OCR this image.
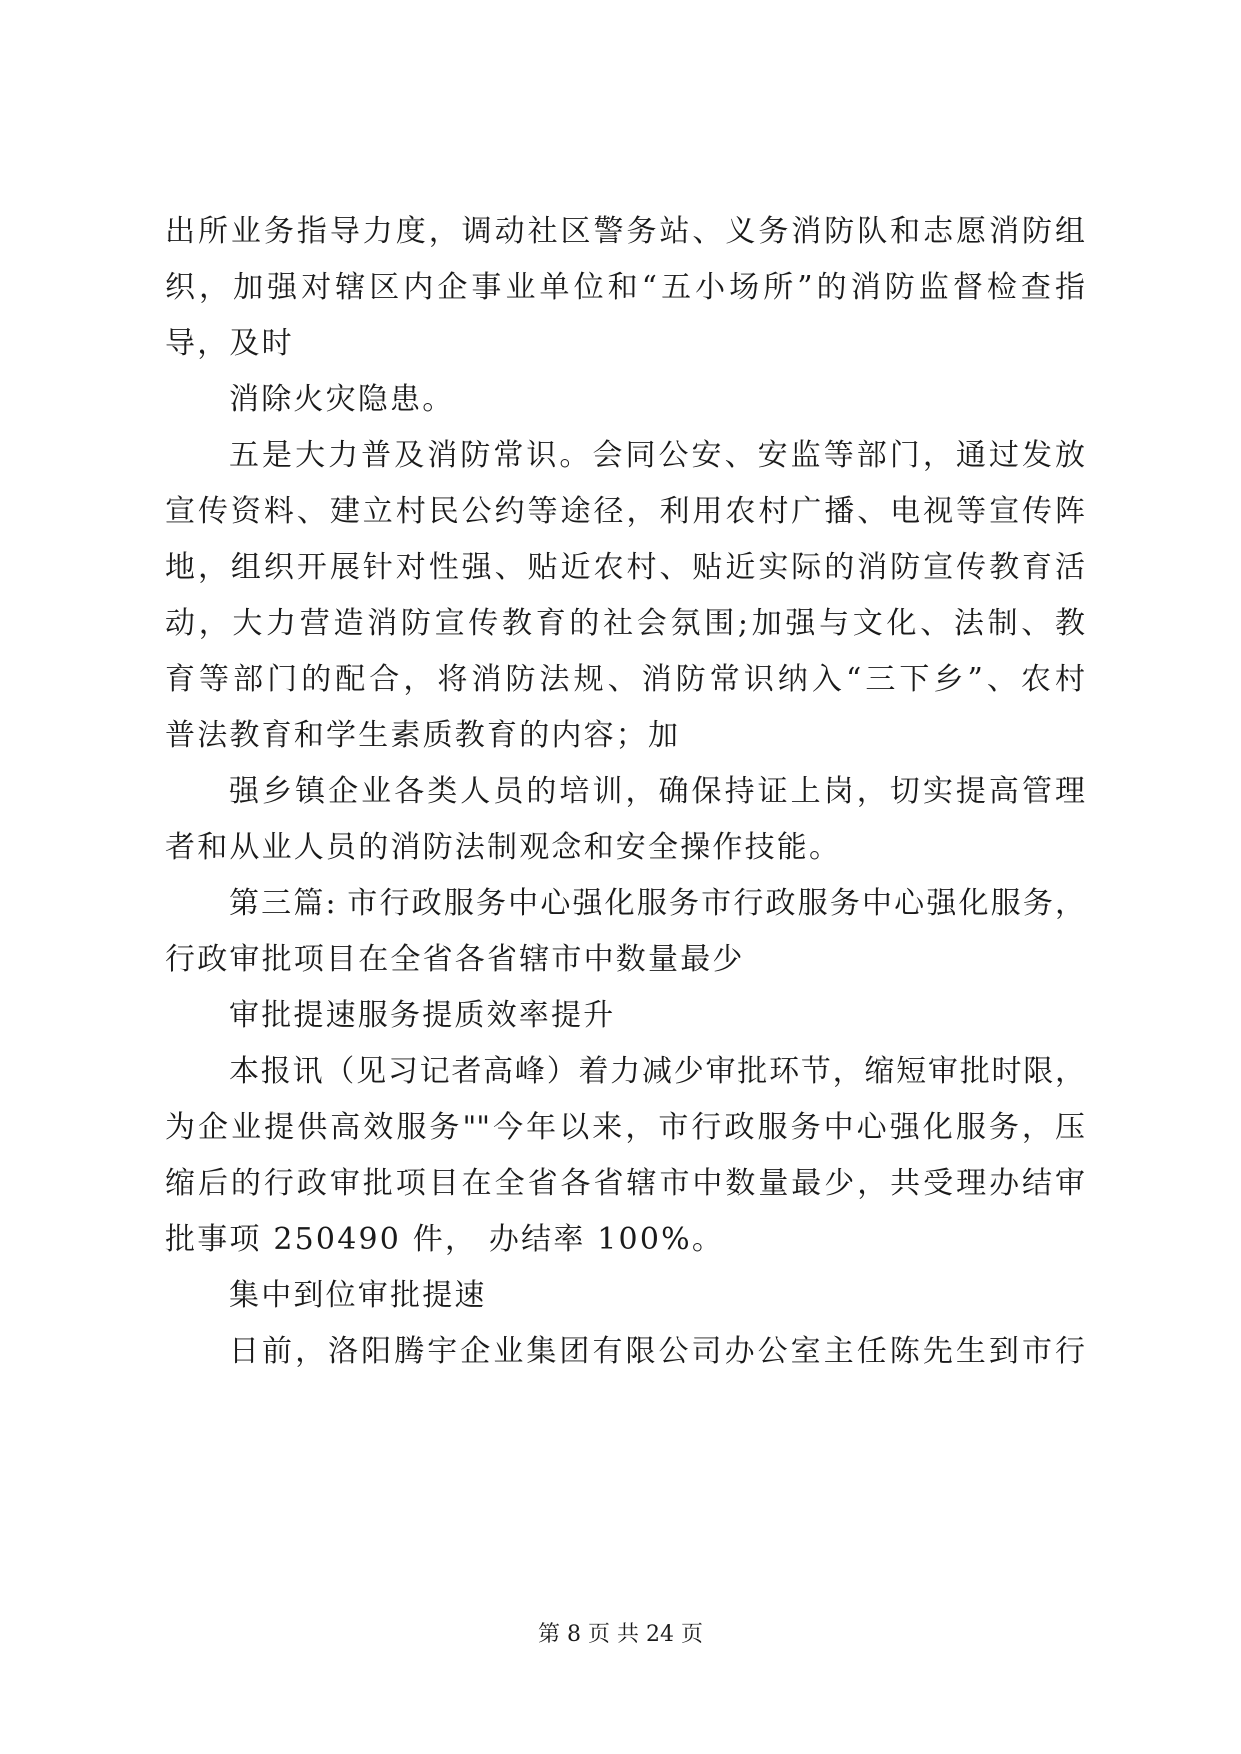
出所业务指导力度，调动社区警务站、义务消防队和志愿消防组
织，加强对辖区内企事业单位和“五小场所”的消防监督检查指
导，及时
消除火灾隐患。
五是大力普及消防常识。会同公安、安监等部门，通过发放
宣传资料、建立村民公约等途径，利用农村广播、电视等宣传阵
地，组织开展针对性强、贴近农村、贴近实际的消防宣传教育活
动，大力营造消防宣传教育的社会氛围;加强与文化、法制、教
育等部门的配合，将消防法规、消防常识纳入“三下乡”、农村
普法教育和学生素质教育的内容；加
强乡镇企业各类人员的培训，确保持证上岗，切实提高管理
者和从业人员的消防法制观念和安全操作技能。
第三篇: 市行政服务中心强化服务市行政服务中心强化服务，
行政审批项目在全省各省辖市中数量最少
审批提速服务提质效率提升
本报讯（见习记者高峰）着力减少审批环节，缩短审批时限，
为企业提供高效服务""今年以来，市行政服务中心强化服务，压
缩后的行政审批项目在全省各省辖市中数量最少，共受理办结审
批事项 250490 件， 办结率 100%。
集中到位审批提速
日前，洛阳腾宇企业集团有限公司办公室主任陈先生到市行
第 8 页 共 24 页
